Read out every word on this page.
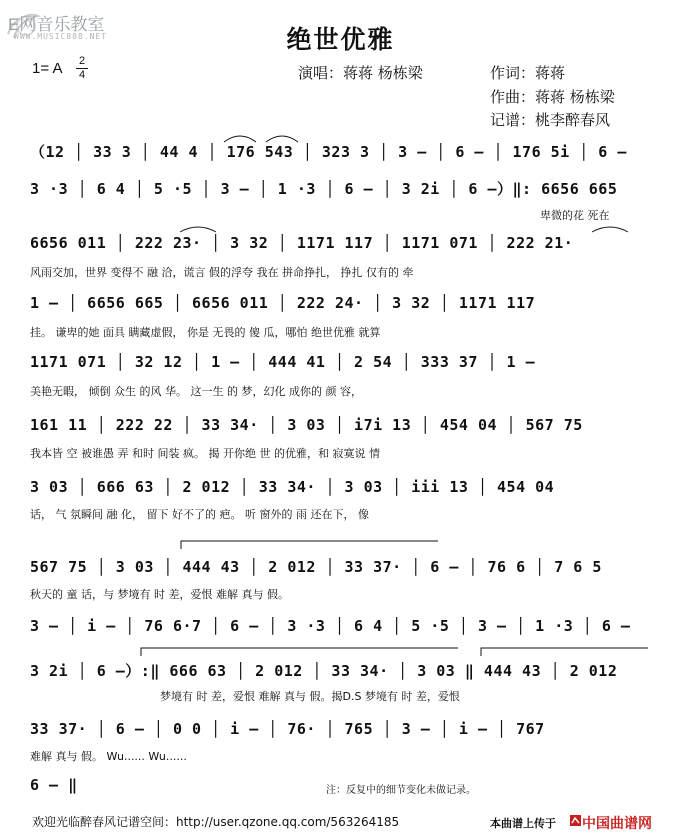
E网音乐教室
WWW.MUSIC888.NET	绝世优雅
1= A 2
4	演唱：蒋蒋 杨栋梁	作词：蒋蒋
作曲：蒋蒋 杨栋梁
记谱：桃李醉春风
（12 │ 33 3 │ 44 4 │ 176 543 │ 323 3 │ 3 – │ 6 – │ 176 5i │ 6 –
3 ·3 │ 6 4 │ 5 ·5 │ 3 – │ 1 ·3 │ 6 – │ 3 2i │ 6 –）‖: 6656 665
卑微的花 死在
6656 011 │ 222 23· │ 3 32 │ 1171 117 │ 1171 071 │ 222 21·
风雨交加，世界 变得不 融 洽，谎言 假的浮夸 我在 拼命挣扎， 挣扎 仅有的 牵
1 – │ 6656 665 │ 6656 011 │ 222 24· │ 3 32 │ 1171 117
挂。 谦卑的她 面具 瞒藏虚假， 你是 无畏的 傻 瓜，哪怕 绝世优雅 就算
1171 071 │ 32 12 │ 1 – │ 444 41 │ 2 54 │ 333 37 │ 1 –
美艳无暇， 倾倒 众生 的风 华。 这一生 的 梦，幻化 成你的 颜 容，
161 11 │ 222 22 │ 33 34· │ 3 03 │ i7i 13 │ 454 04 │ 567 75
我本皆 空 被谁愚 弄 和时 间装 疯。 揭 开你绝 世 的优雅，和 寂寞说 情
3 03 │ 666 63 │ 2 012 │ 33 34· │ 3 03 │ iii 13 │ 454 04
话， 气 氛瞬间 融 化， 留下 好不了的 疤。 听 窗外的 雨 还在下， 像
567 75 │ 3 03 │ 444 43 │ 2 012 │ 33 37· │ 6 – │ 76 6 │ 7 6 5
秋天的 童 话，与 梦境有 时 差，爱恨 难解 真与 假。
3 – │ i – │ 76 6·7 │ 6 – │ 3 ·3 │ 6 4 │ 5 ·5 │ 3 – │ 1 ·3 │ 6 –
3 2i │ 6 –）:‖ 666 63 │ 2 012 │ 33 34· │ 3 03 ‖ 444 43 │ 2 012
梦境有 时 差，爱恨 难解 真与 假。揭D.S 梦境有 时 差，爱恨
33 37· │ 6 – │ 0 0 │ i – │ 76· │ 765 │ 3 – │ i – │ 767
难解 真与 假。 Wu...... Wu......
6 – ‖	注：反复中的细节变化未做记录。
欢迎光临醉春风记谱空间：http://user.qzone.qq.com/563264185	本曲谱上传于 中国曲谱网
